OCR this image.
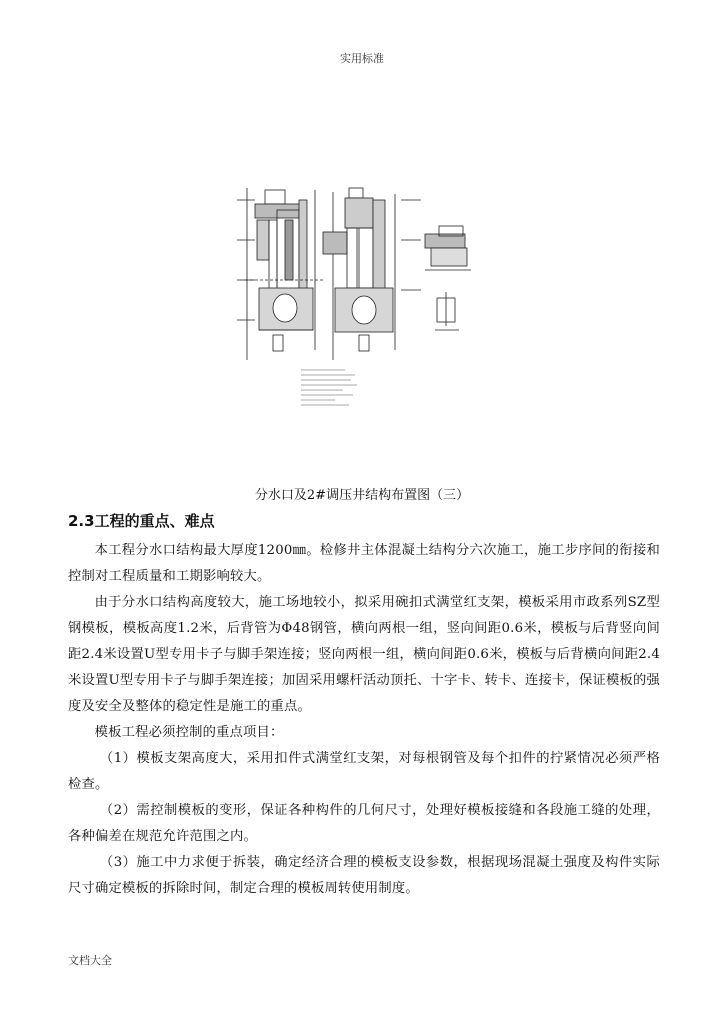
实用标准
分水口及2#调压井结构布置图（三）
2.3工程的重点、难点

本工程分水口结构最大厚度1200㎜。检修井主体混凝土结构分六次施工，施工步序间的衔接和控制对工程质量和工期影响较大。

由于分水口结构高度较大，施工场地较小，拟采用碗扣式满堂红支架，模板采用市政系列SZ型钢模板，模板高度1.2米，后背管为Φ48钢管，横向两根一组，竖向间距0.6米，模板与后背竖向间距2.4米设置U型专用卡子与脚手架连接；竖向两根一组，横向间距0.6米，模板与后背横向间距2.4米设置U型专用卡子与脚手架连接；加固采用螺杆活动顶托、十字卡、转卡、连接卡，保证模板的强度及安全及整体的稳定性是施工的重点。

模板工程必须控制的重点项目：

（1）模板支架高度大，采用扣件式满堂红支架，对每根钢管及每个扣件的拧紧情况必须严格检查。

（2）需控制模板的变形，保证各种构件的几何尺寸，处理好模板接缝和各段施工缝的处理，各种偏差在规范允许范围之内。

（3）施工中力求便于拆装，确定经济合理的模板支设参数，根据现场混凝土强度及构件实际尺寸确定模板的拆除时间，制定合理的模板周转使用制度。

文档大全
